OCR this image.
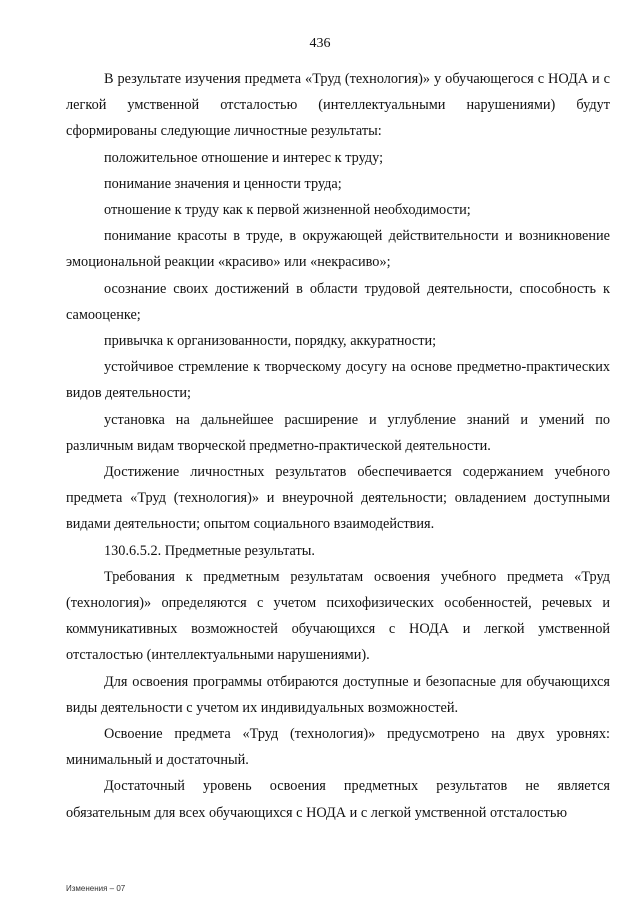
436

В результате изучения предмета «Труд (технология)» у обучающегося с НОДА и с легкой умственной отсталостью (интеллектуальными нарушениями) будут сформированы следующие личностные результаты:

положительное отношение и интерес к труду;

понимание значения и ценности труда;

отношение к труду как к первой жизненной необходимости;

понимание красоты в труде, в окружающей действительности и возникновение эмоциональной реакции «красиво» или «некрасиво»;

осознание своих достижений в области трудовой деятельности, способность к самооценке;

привычка к организованности, порядку, аккуратности;

устойчивое стремление к творческому досугу на основе предметно-практических видов деятельности;

установка на дальнейшее расширение и углубление знаний и умений по различным видам творческой предметно-практической деятельности.

Достижение личностных результатов обеспечивается содержанием учебного предмета «Труд (технология)» и внеурочной деятельности; овладением доступными видами деятельности; опытом социального взаимодействия.

130.6.5.2. Предметные результаты.

Требования к предметным результатам освоения учебного предмета «Труд (технология)» определяются с учетом психофизических особенностей, речевых и коммуникативных возможностей обучающихся с НОДА и легкой умственной отсталостью (интеллектуальными нарушениями).

Для освоения программы отбираются доступные и безопасные для обучающихся виды деятельности с учетом их индивидуальных возможностей.

Освоение предмета «Труд (технология)» предусмотрено на двух уровнях: минимальный и достаточный.

Достаточный уровень освоения предметных результатов не является обязательным для всех обучающихся с НОДА и с легкой умственной отсталостью

Изменения – 07
